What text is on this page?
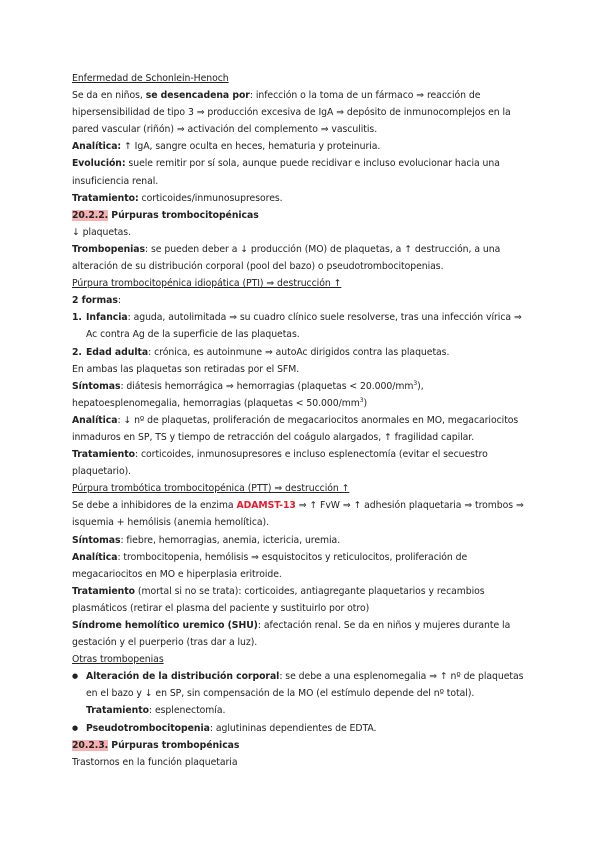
Enfermedad de Schonlein-Henoch

Se da en niños, se desencadena por: infección o la toma de un fármaco ⇒ reacción de hipersensibilidad de tipo 3 ⇒ producción excesiva de IgA ⇒ depósito de inmunocomplejos en la pared vascular (riñón) ⇒ activación del complemento ⇒ vasculitis.

Analítica: ↑ IgA, sangre oculta en heces, hematuria y proteinuria.

Evolución: suele remitir por sí sola, aunque puede recidivar e incluso evolucionar hacia una insuficiencia renal.

Tratamiento: corticoides/inmunosupresores.

20.2.2. Púrpuras trombocitopénicas

↓ plaquetas.

Trombopenias: se pueden deber a ↓ producción (MO) de plaquetas, a ↑ destrucción, a una alteración de su distribución corporal (pool del bazo) o pseudotrombocitopenias.

Púrpura trombocitopénica idiopática (PTI) ⇒ destrucción ↑

2 formas:

1. Infancia: aguda, autolimitada ⇒ su cuadro clínico suele resolverse, tras una infección vírica ⇒ Ac contra Ag de la superficie de las plaquetas.
2. Edad adulta: crónica, es autoinmune ⇒ autoAc dirigidos contra las plaquetas.

En ambas las plaquetas son retiradas por el SFM.

Síntomas: diátesis hemorrágica ⇒ hemorragias (plaquetas < $20.000/mm^3$), hepatoesplenomegalia, hemorragias (plaquetas < $50.000/mm^3$)

Analítica: ↓ nº de plaquetas, proliferación de megacariocitos anormales en MO, megacariocitos inmaduros en SP, TS y tiempo de retracción del coágulo alargados, ↑ fragilidad capilar.

Tratamiento: corticoides, inmunosupresores e incluso esplenectomía (evitar el secuestro plaquetario).

Púrpura trombótica trombocitopénica (PTT) ⇒ destrucción ↑

Se debe a inhibidores de la enzima ADAMST-13 ⇒ ↑ FvW ⇒ ↑ adhesión plaquetaria ⇒ trombos ⇒ isquemia + hemólisis (anemia hemolítica).

Síntomas: fiebre, hemorragias, anemia, ictericia, uremia.

Analítica: trombocitopenia, hemólisis ⇒ esquistocitos y reticulocitos, proliferación de megacariocitos en MO e hiperplasia eritroide.

Tratamiento (mortal si no se trata): corticoides, antiagregante plaquetarios y recambios plasmáticos (retirar el plasma del paciente y sustituirlo por otro)

Síndrome hemolítico uremico (SHU): afectación renal. Se da en niños y mujeres durante la gestación y el puerperio (tras dar a luz).

Otras trombopenias

● Alteración de la distribución corporal: se debe a una esplenomegalia ⇒ ↑ nº de plaquetas en el bazo y ↓ en SP, sin compensación de la MO (el estímulo depende del nº total).

Tratamiento: esplenectomía.

● Pseudotrombocitopenia: aglutininas dependientes de EDTA.

20.2.3. Púrpuras trombopénicas

Trastornos en la función plaquetaria
